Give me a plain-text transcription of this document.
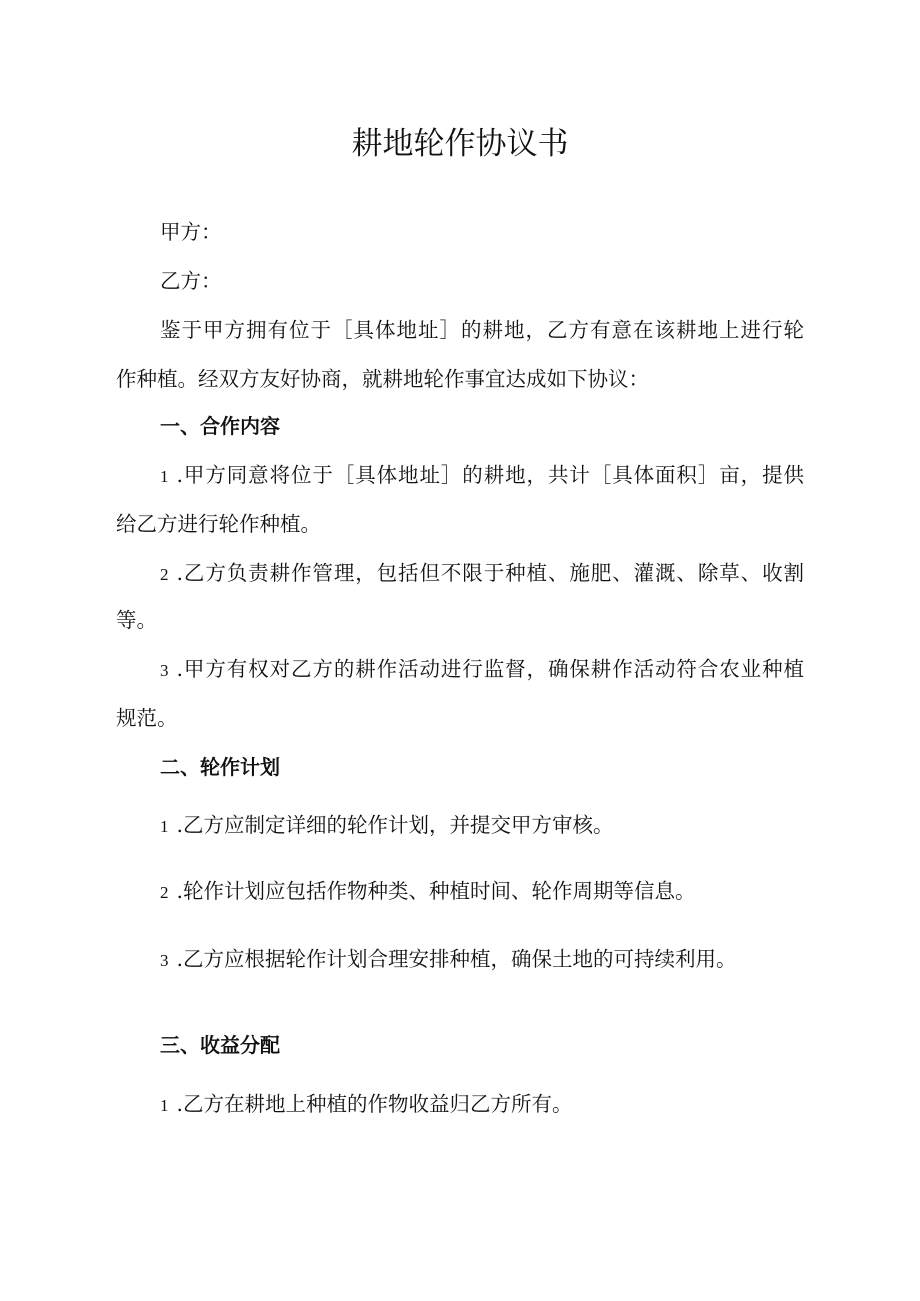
耕地轮作协议书
甲方：
乙方：
鉴于甲方拥有位于［具体地址］的耕地，乙方有意在该耕地上进行轮
作种植。经双方友好协商，就耕地轮作事宜达成如下协议：
一、合作内容
1 .甲方同意将位于［具体地址］的耕地，共计［具体面积］亩，提供
给乙方进行轮作种植。
2 .乙方负责耕作管理，包括但不限于种植、施肥、灌溉、除草、收割
等。
3 .甲方有权对乙方的耕作活动进行监督，确保耕作活动符合农业种植
规范。
二、轮作计划
1 .乙方应制定详细的轮作计划，并提交甲方审核。
2 .轮作计划应包括作物种类、种植时间、轮作周期等信息。
3 .乙方应根据轮作计划合理安排种植，确保土地的可持续利用。
三、收益分配
1 .乙方在耕地上种植的作物收益归乙方所有。
